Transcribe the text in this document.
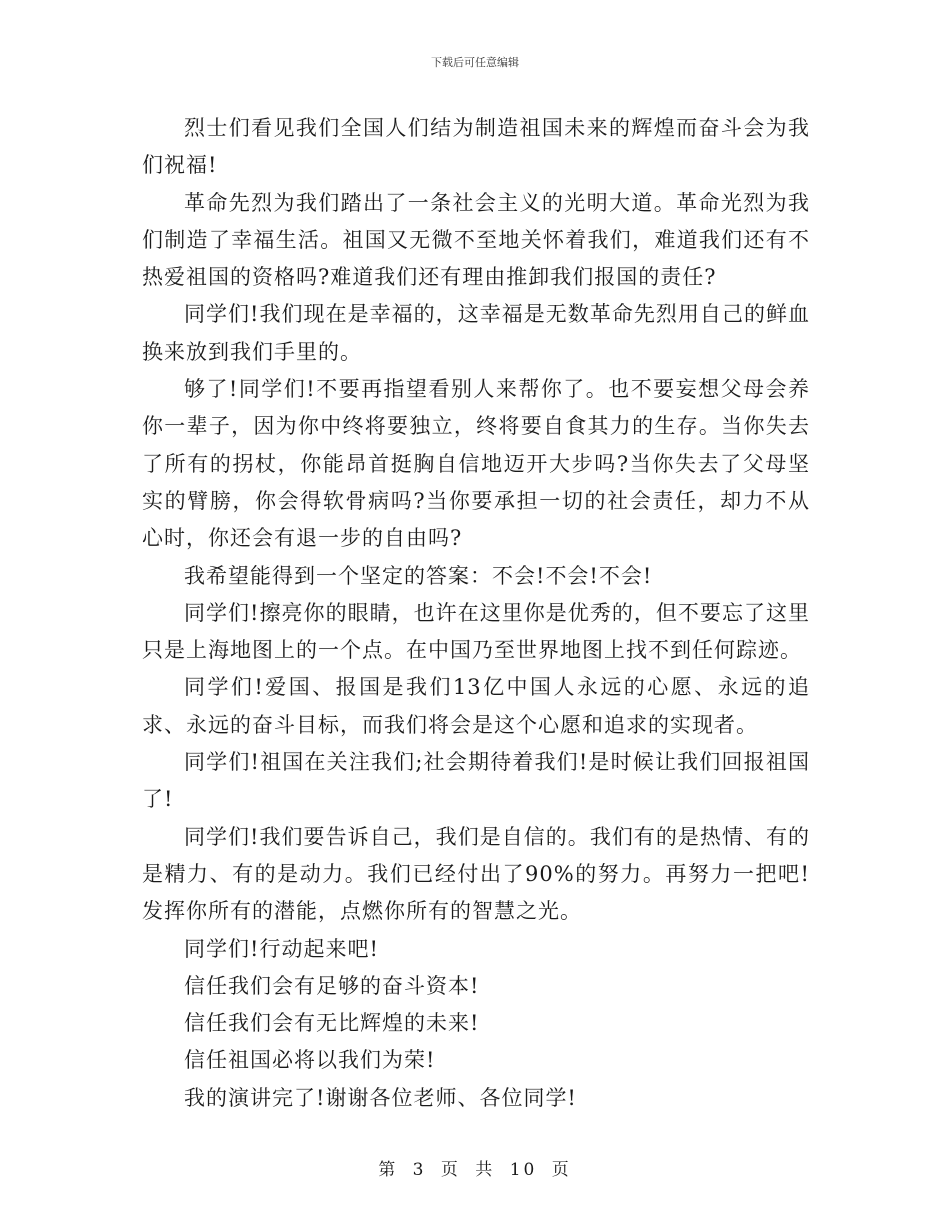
下载后可任意编辑

烈士们看见我们全国人们结为制造祖国未来的辉煌而奋斗会为我们祝福!

革命先烈为我们踏出了一条社会主义的光明大道。革命光烈为我们制造了幸福生活。祖国又无微不至地关怀着我们，难道我们还有不热爱祖国的资格吗?难道我们还有理由推卸我们报国的责任?

同学们!我们现在是幸福的，这幸福是无数革命先烈用自己的鲜血换来放到我们手里的。

够了!同学们!不要再指望看别人来帮你了。也不要妄想父母会养你一辈子，因为你中终将要独立，终将要自食其力的生存。当你失去了所有的拐杖，你能昂首挺胸自信地迈开大步吗?当你失去了父母坚实的臂膀，你会得软骨病吗?当你要承担一切的社会责任，却力不从心时，你还会有退一步的自由吗?

我希望能得到一个坚定的答案：不会!不会!不会!

同学们!擦亮你的眼睛，也许在这里你是优秀的，但不要忘了这里只是上海地图上的一个点。在中国乃至世界地图上找不到任何踪迹。

同学们!爱国、报国是我们13亿中国人永远的心愿、永远的追求、永远的奋斗目标，而我们将会是这个心愿和追求的实现者。

同学们!祖国在关注我们;社会期待着我们!是时候让我们回报祖国了!

同学们!我们要告诉自己，我们是自信的。我们有的是热情、有的是精力、有的是动力。我们已经付出了90%的努力。再努力一把吧!发挥你所有的潜能，点燃你所有的智慧之光。

同学们!行动起来吧!

信任我们会有足够的奋斗资本!

信任我们会有无比辉煌的未来!

信任祖国必将以我们为荣!

我的演讲完了!谢谢各位老师、各位同学!

第 3 页 共 10 页
